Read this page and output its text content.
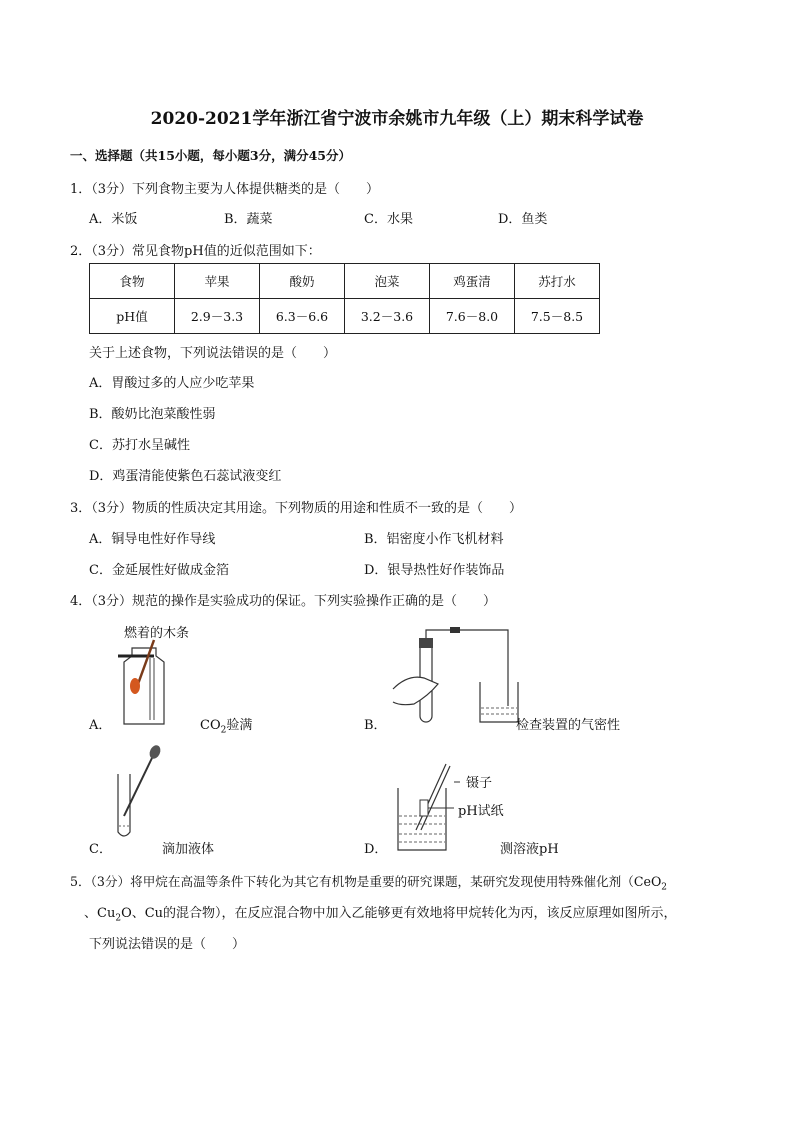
2020-2021学年浙江省宁波市余姚市九年级（上）期末科学试卷
一、选择题（共15小题，每小题3分，满分45分）
1．（3分）下列食物主要为人体提供糖类的是（　　）
A．米饭	B．蔬菜	C．水果	D．鱼类
2．（3分）常见食物pH值的近似范围如下：
食物	苹果	酸奶	泡菜	鸡蛋清	苏打水
pH值	2.9－3.3	6.3－6.6	3.2－3.6	7.6－8.0	7.5－8.5
关于上述食物，下列说法错误的是（　　）
A．胃酸过多的人应少吃苹果
B．酸奶比泡菜酸性弱
C．苏打水呈碱性
D．鸡蛋清能使紫色石蕊试液变红
3．（3分）物质的性质决定其用途。下列物质的用途和性质不一致的是（　　）
A．铜导电性好作导线	B．铝密度小作飞机材料
C．金延展性好做成金箔	D．银导热性好作装饰品
4．（3分）规范的操作是实验成功的保证。下列实验操作正确的是（　　）
燃着的木条
A．	$CO_2$验满	B．	检查装置的气密性
C．	滴加液体
镊子
pH试纸
D．	测溶液pH
5．（3分）将甲烷在高温等条件下转化为其它有机物是重要的研究课题，某研究发现使用特殊催化剂（CeO$_2$
、$Cu_2O$、Cu的混合物），在反应混合物中加入乙能够更有效地将甲烷转化为丙，该反应原理如图所示，
下列说法错误的是（　　）
